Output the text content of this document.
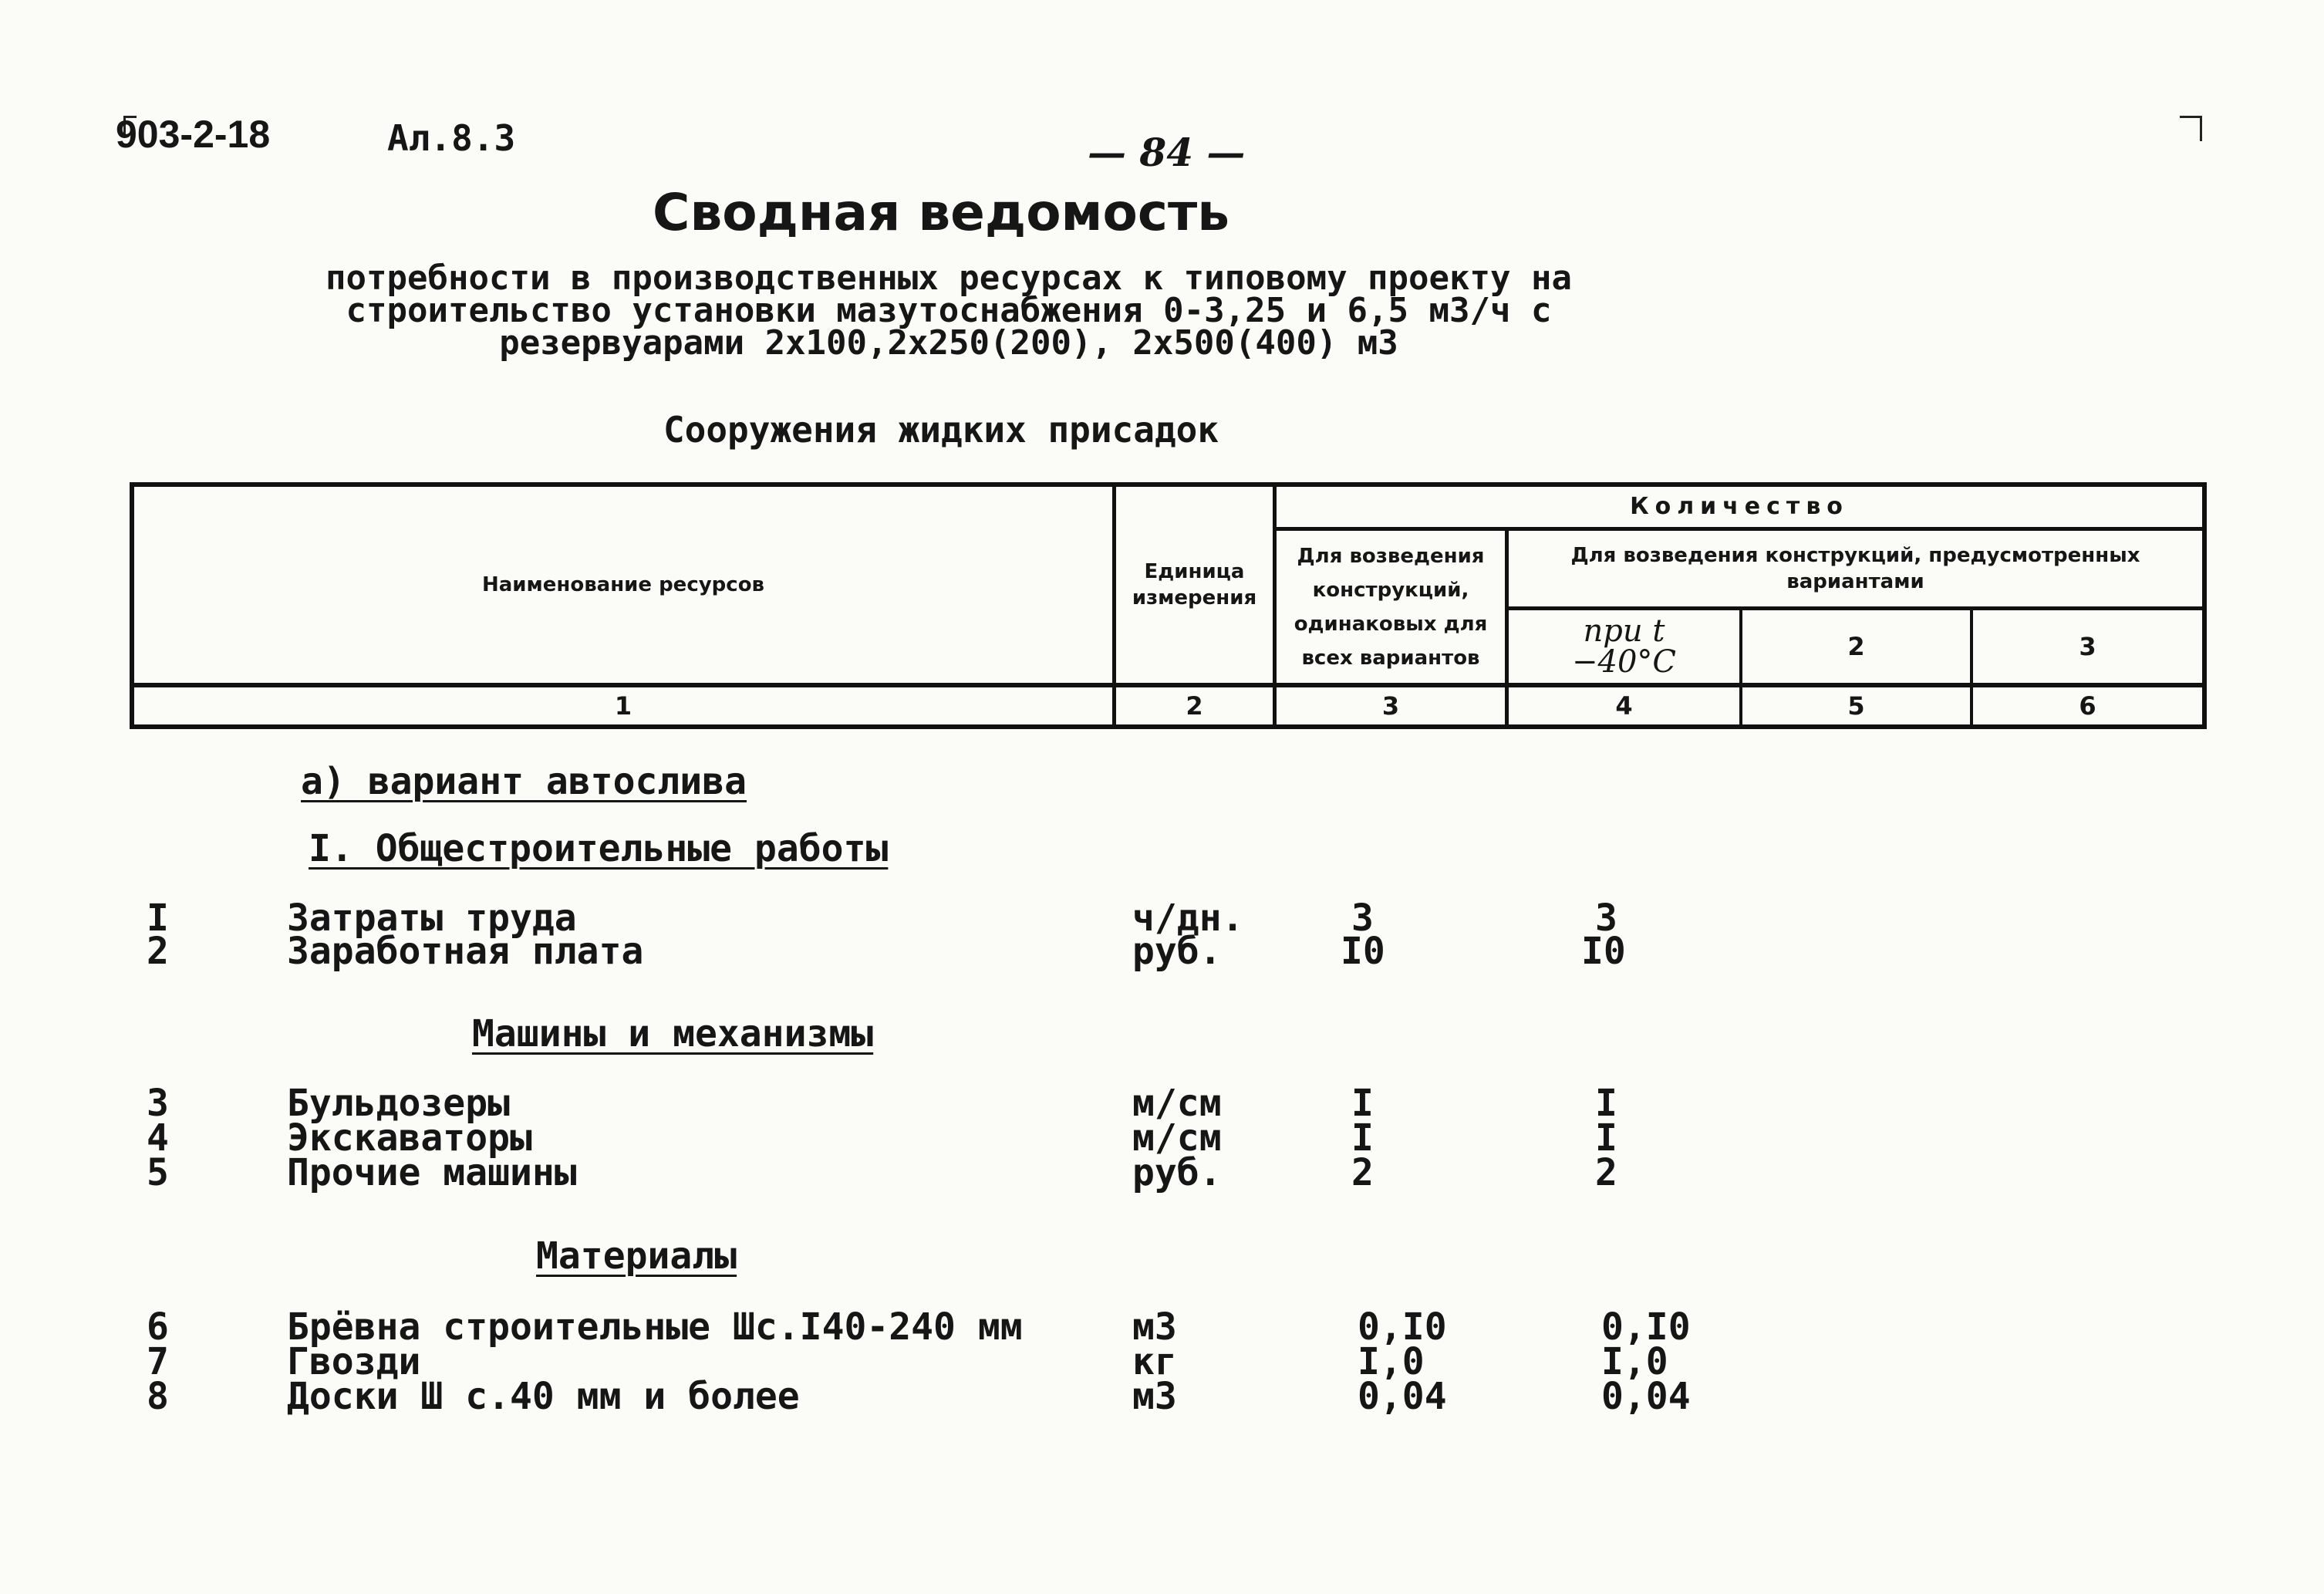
903-2-18	Ал.8.3	— 84 —
Сводная ведомость
потребности в производственных ресурсах к типовому проекту на строительство установки мазутоснабжения 0-3,25 и 6,5 м3/ч с резервуарами 2х100,2х250(200), 2х500(400) м3
Сооружения жидких присадок
Наименование ресурсов
Единица измерения
Количество
Для возведения конструкций, одинаковых для всех вариантов
Для возведения конструкций, предусмотренных вариантами
при t −40°С	2	3
1	2	3	4	5	6
а) вариант автослива
I. Общестроительные работы
I	Затраты труда	ч/дн.	3	3
2	Заработная плата	руб.	I0	I0
Машины и механизмы
3	Бульдозеры	м/см	I	I
4	Экскаваторы	м/см	I	I
5	Прочие машины	руб.	2	2
Материалы
6	Брёвна строительные Шс.I40-240 мм	м3	0,I0	0,I0
7	Гвозди	кг	I,0	I,0
8	Доски Ш с.40 мм и более	м3	0,04	0,04
